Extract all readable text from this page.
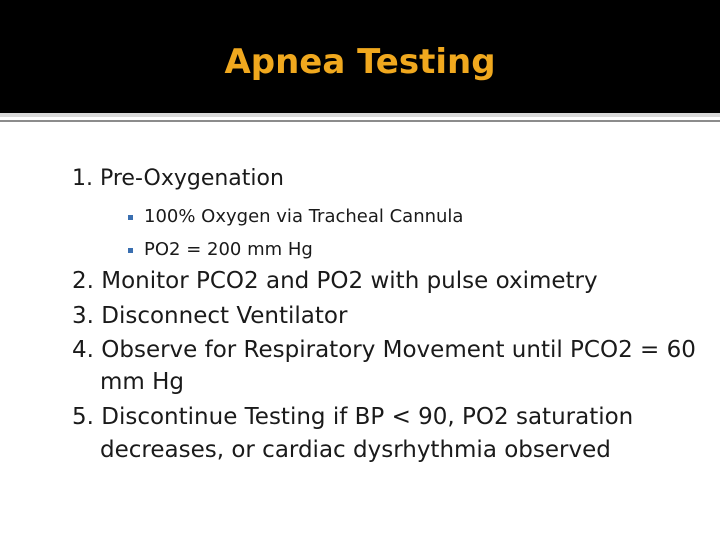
Apnea Testing
1. Pre-Oxygenation
100% Oxygen via Tracheal Cannula
PO2 = 200 mm Hg
2. Monitor PCO2 and PO2 with pulse oximetry
3. Disconnect Ventilator
4. Observe for Respiratory Movement until PCO2 = 60
mm Hg
5. Discontinue Testing if BP < 90, PO2 saturation
decreases, or cardiac dysrhythmia observed
